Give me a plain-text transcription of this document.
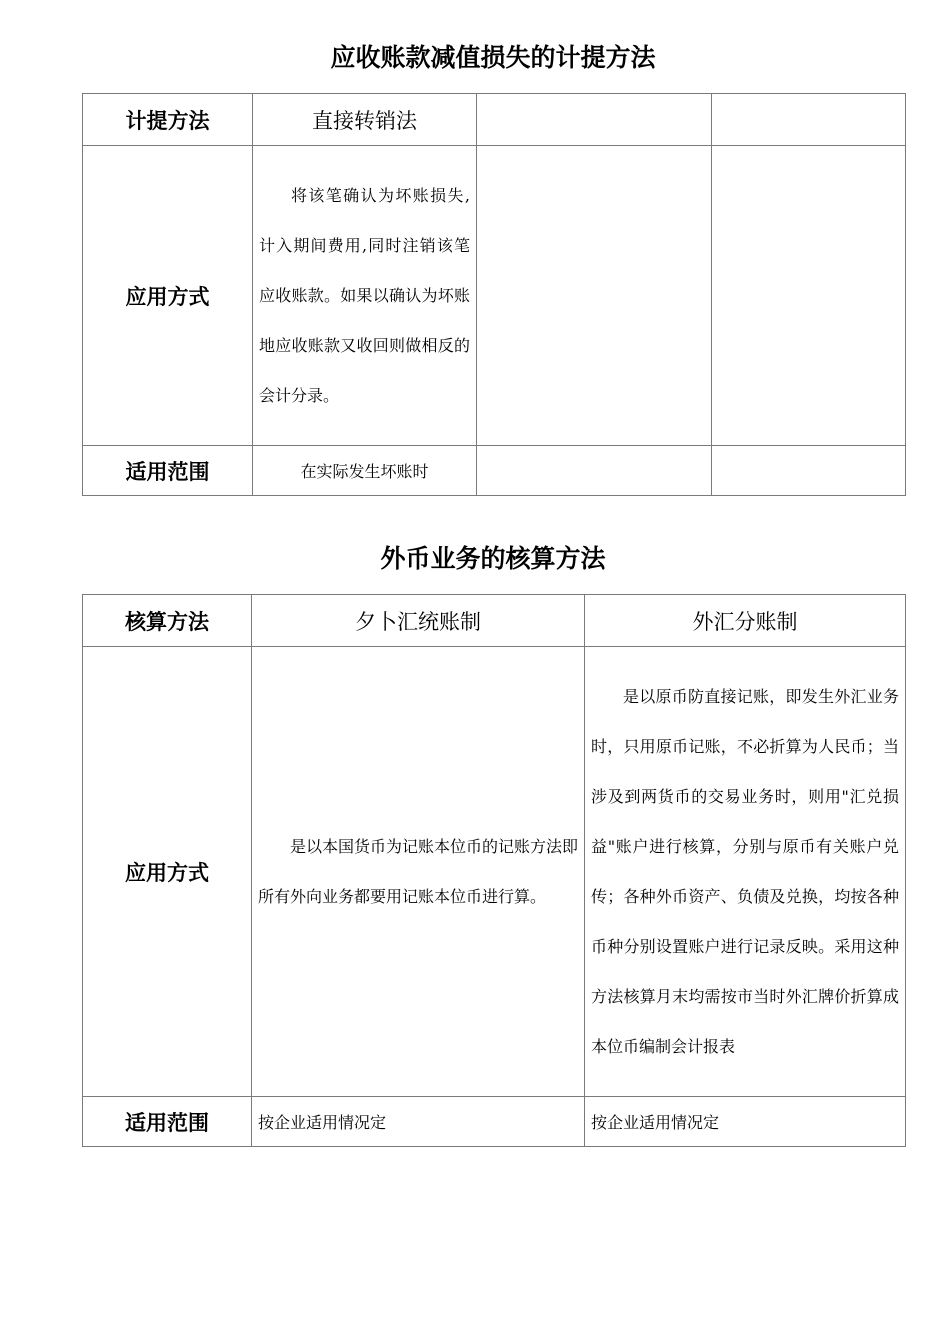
应收账款减值损失的计提方法
计提方法	直接转销法		
应用方式	将该笔确认为坏账损失,计入期间费用,同时注销该笔应收账款。如果以确认为坏账地应收账款又收回则做相反的会计分录。		
适用范围	在实际发生坏账时		
外币业务的核算方法
核算方法	夕卜汇统账制	外汇分账制
应用方式	是以本国货币为记账本位币的记账方法即所有外向业务都要用记账本位币进行算。	是以原币防直接记账，即发生外汇业务时，只用原币记账，不必折算为人民币；当涉及到两货币的交易业务时，则用"汇兑损益"账户进行核算，分别与原币有关账户兑传；各种外币资产、负债及兑换，均按各种币种分别设置账户进行记录反映。采用这种方法核算月末均需按市当时外汇牌价折算成本位币编制会计报表
适用范围	按企业适用情况定	按企业适用情况定
